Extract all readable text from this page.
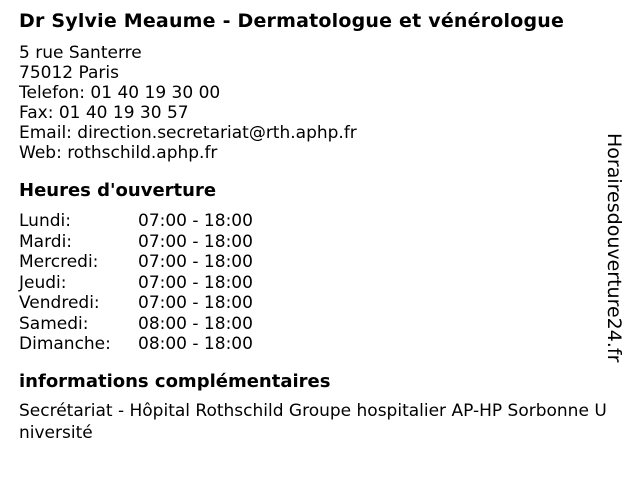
Dr Sylvie Meaume - Dermatologue et vénérologue
5 rue Santerre
75012 Paris
Telefon: 01 40 19 30 00
Fax: 01 40 19 30 57
Email: direction.secretariat@rth.aphp.fr
Web: rothschild.aphp.fr
Heures d'ouverture
Lundi:	07:00 - 18:00
Mardi:	07:00 - 18:00
Mercredi:	07:00 - 18:00
Jeudi:	07:00 - 18:00
Vendredi:	07:00 - 18:00
Samedi:	08:00 - 18:00
Dimanche:	08:00 - 18:00
informations complémentaires

Secrétariat - Hôpital Rothschild Groupe hospitalier AP-HP Sorbonne Université

Horairesdouverture24.fr
